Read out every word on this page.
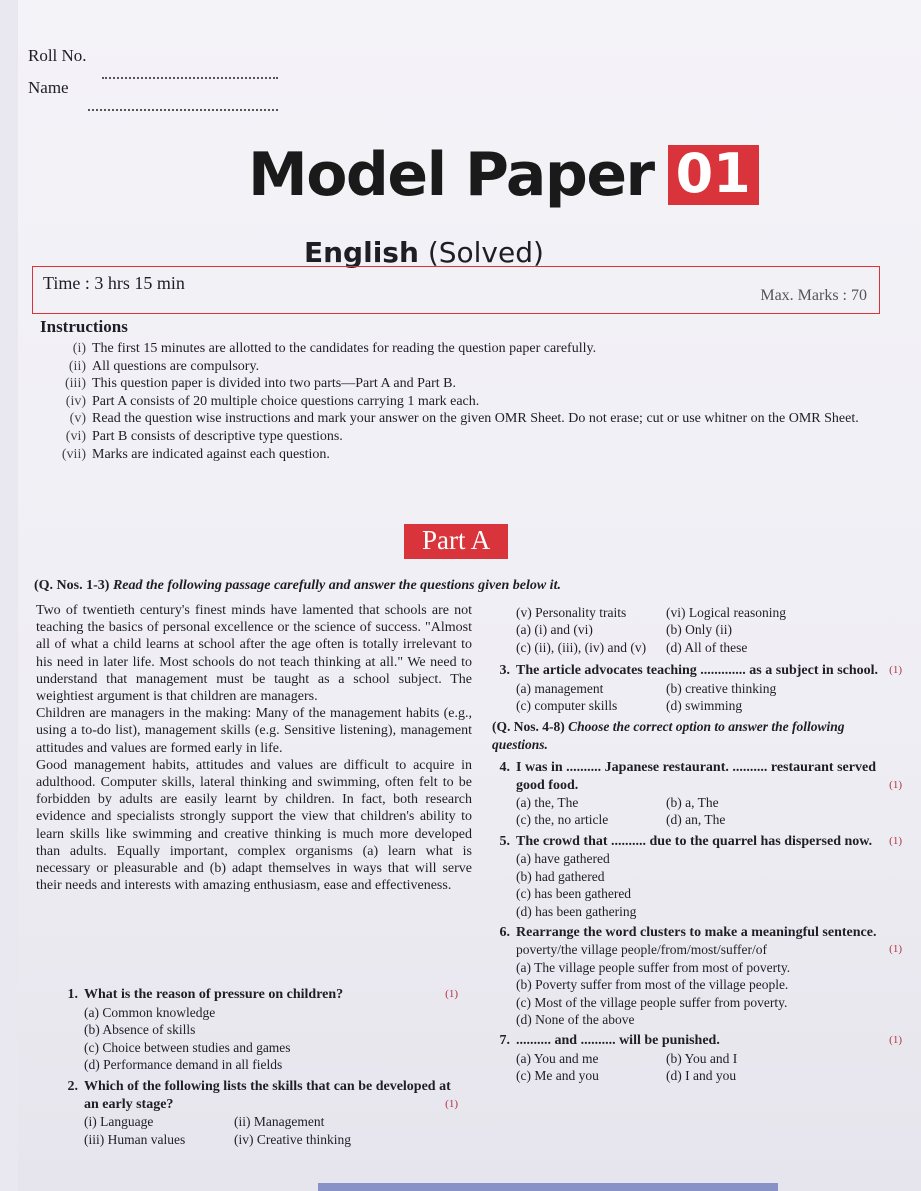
Roll No.
Name
Model Paper 01
English (Solved)
Time : 3 hrs 15 min
Max. Marks : 70
Instructions
(i) The first 15 minutes are allotted to the candidates for reading the question paper carefully.
(ii) All questions are compulsory.
(iii) This question paper is divided into two parts—Part A and Part B.
(iv) Part A consists of 20 multiple choice questions carrying 1 mark each.
(v) Read the question wise instructions and mark your answer on the given OMR Sheet. Do not erase; cut or use whitner on the OMR Sheet.
(vi) Part B consists of descriptive type questions.
(vii) Marks are indicated against each question.
Part A
(Q. Nos. 1-3) Read the following passage carefully and answer the questions given below it.

Two of twentieth century's finest minds have lamented that schools are not teaching the basics of personal excellence or the science of success. "Almost all of what a child learns at school after the age often is totally irrelevant to his need in later life. Most schools do not teach thinking at all." We need to understand that management must be taught as a school subject. The weightiest argument is that children are managers.

Children are managers in the making: Many of the management habits (e.g., using a to-do list), management skills (e.g. Sensitive listening), management attitudes and values are formed early in life.

Good management habits, attitudes and values are difficult to acquire in adulthood. Computer skills, lateral thinking and swimming, often felt to be forbidden by adults are easily learnt by children. In fact, both research evidence and specialists strongly support the view that children's ability to learn skills like swimming and creative thinking is much more developed than adults. Equally important, complex organisms (a) learn what is necessary or pleasurable and (b) adapt themselves in ways that will serve their needs and interests with amazing enthusiasm, ease and effectiveness.

1. What is the reason of pressure on children?	(1)
(a) Common knowledge
(b) Absence of skills
(c) Choice between studies and games
(d) Performance demand in all fields
2. Which of the following lists the skills that can be developed at an early stage?	(1)
(i) Language	(ii) Management
(iii) Human values	(iv) Creative thinking
(v) Personality traits	(vi) Logical reasoning
(a) (i) and (vi)	(b) Only (ii)
(c) (ii), (iii), (iv) and (v)	(d) All of these
3. The article advocates teaching ............. as a subject in school. (1)
(a) management	(b) creative thinking
(c) computer skills	(d) swimming
(Q. Nos. 4-8) Choose the correct option to answer the following questions.
4. I was in .......... Japanese restaurant. .......... restaurant served good food.	(1)
(a) the, The	(b) a, The
(c) the, no article	(d) an, The
5. The crowd that .......... due to the quarrel has dispersed now. (1)
(a) have gathered
(b) had gathered
(c) has been gathered
(d) has been gathering
6. Rearrange the word clusters to make a meaningful sentence.
poverty/the village people/from/most/suffer/of	(1)
(a) The village people suffer from most of poverty.
(b) Poverty suffer from most of the village people.
(c) Most of the village people suffer from poverty.
(d) None of the above
7. .......... and .......... will be punished.	(1)
(a) You and me	(b) You and I
(c) Me and you	(d) I and you
